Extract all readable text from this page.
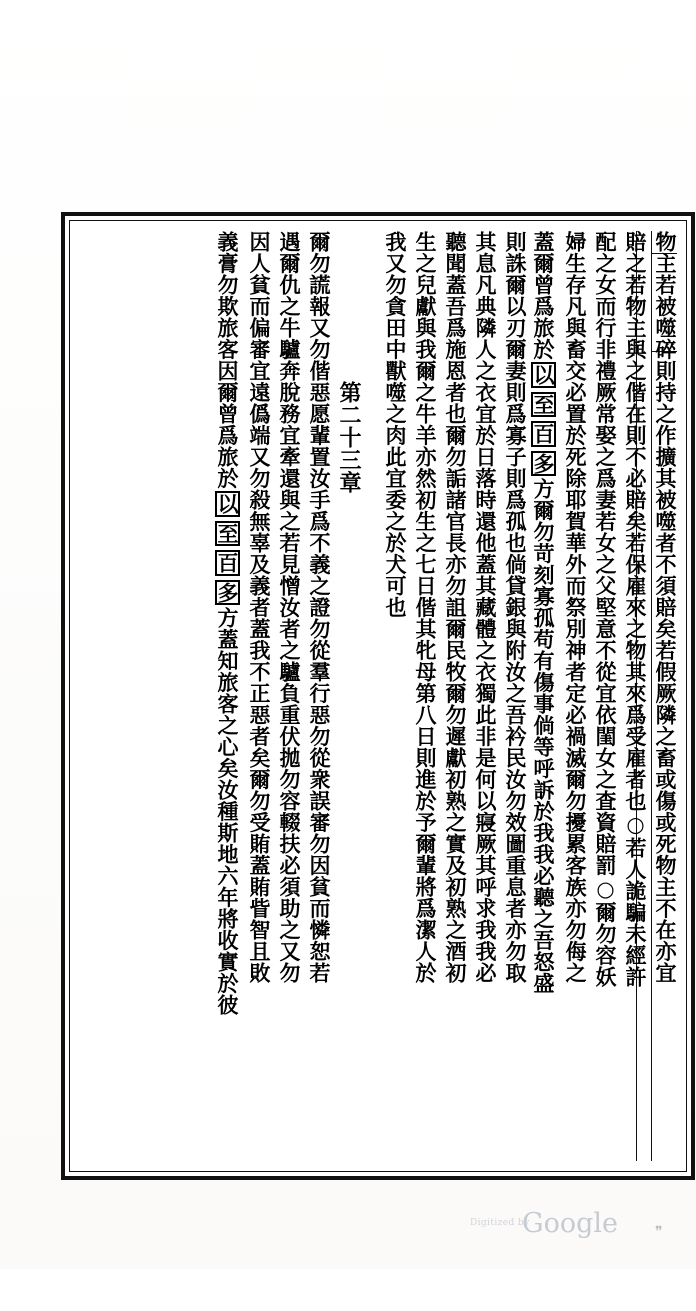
物主若被噬碎則持之作擴其被噬者不須賠矣若假厥隣之畜或傷或死物主不在亦宜
賠之若物主與之偕在則不必賠矣若保雇來之物其來爲受雇者也○若人詭騙未經許
配之女而行非禮厥常娶之爲妻若女之父堅意不從宜依閨女之査資賠罰○爾勿容妖
婦生存凡與畜交必置於死除耶賀華外而祭別神者定必禍滅爾勿擾累客族亦勿侮之
蓋爾曾爲旅於以至百多方爾勿苛刻寡孤苟有傷事倘等呼訴於我我必聽之吾怒盛
則誅爾以刃爾妻則爲寡子則爲孤也倘貸銀與附汝之吾衿民汝勿效圖重息者亦勿取
其息凡典隣人之衣宜於日落時還他蓋其藏體之衣獨此非是何以寢厥其呼求我我必
聽聞蓋吾爲施恩者也爾勿詬諸官長亦勿詛爾民牧爾勿遲獻初熟之實及初熟之酒初
生之兒獻與我爾之牛羊亦然初生之七日偕其牝母第八日則進於予爾輩將爲潔人於
我又勿貪田中獸噬之肉此宜委之於犬可也
第二十三章
爾勿謊報又勿偕惡愿輩置汝手爲不義之證勿從羣行惡勿從衆誤審勿因貧而憐恕若
遇爾仇之牛驢奔脫務宜牽還與之若見憎汝者之驢負重伏拋勿容輟扶必須助之又勿
因人貧而偏審宜遠僞端又勿殺無辜及義者蓋我不正惡者矣爾勿受賄蓋賄眥智且敗
義膏勿欺旅客因爾曾爲旅於以至百多方蓋知旅客之心矣汝種斯地六年將收實於彼
Digitized by
Google	❞
